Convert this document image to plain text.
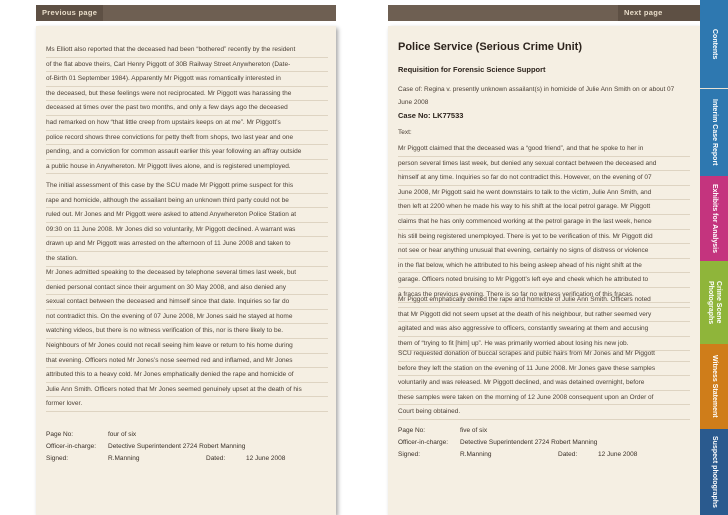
Previous page	Next page
Ms Elliott also reported that the deceased had been “bothered” recently by the resident
of the flat above theirs, Carl Henry Piggott of 30B Railway Street Anywhereton (Date-
of-Birth 01 September 1984). Apparently Mr Piggott was romantically interested in
the deceased, but these feelings were not reciprocated. Mr Piggott was harassing the
deceased at times over the past two months, and only a few days ago the deceased
had remarked on how “that little creep from upstairs keeps on at me”. Mr Piggott’s
police record shows three convictions for petty theft from shops, two last year and one
pending, and a conviction for common assault earlier this year following an affray outside
a public house in Anywhereton. Mr Piggott lives alone, and is registered unemployed.
The initial assessment of this case by the SCU made Mr Piggott prime suspect for this
rape and homicide, although the assailant being an unknown third party could not be
ruled out. Mr Jones and Mr Piggott were asked to attend Anywhereton Police Station at
09:30 on 11 June 2008. Mr Jones did so voluntarily, Mr Piggott declined. A warrant was
drawn up and Mr Piggott was arrested on the afternoon of 11 June 2008 and taken to
the station.
Mr Jones admitted speaking to the deceased by telephone several times last week, but
denied personal contact since their argument on 30 May 2008, and also denied any
sexual contact between the deceased and himself since that date. Inquiries so far do
not contradict this. On the evening of 07 June 2008, Mr Jones said he stayed at home
watching videos, but there is no witness verification of this, nor is there likely to be.
Neighbours of Mr Jones could not recall seeing him leave or return to his home during
that evening. Officers noted Mr Jones’s nose seemed red and inflamed, and Mr Jones
attributed this to a heavy cold. Mr Jones emphatically denied the rape and homicide of
Julie Ann Smith. Officers noted that Mr Jones seemed genuinely upset at the death of his
former lover.
Page No:	four of six
Officer-in-charge:	Detective Superintendent 2724 Robert Manning
Signed:	R.Manning	Dated:	12 June 2008
Police Service (Serious Crime Unit)
Requisition for Forensic Science Support
Case of: Regina v. presently unknown assailant(s) in homicide of Julie Ann Smith on or about 07 June 2008
Case No: LK77533
Text:
Mr Piggott claimed that the deceased was a “good friend”, and that he spoke to her in
person several times last week, but denied any sexual contact between the deceased and
himself at any time. Inquiries so far do not contradict this. However, on the evening of 07
June 2008, Mr Piggott said he went downstairs to talk to the victim, Julie Ann Smith, and
then left at 2200 when he made his way to his shift at the local petrol garage. Mr Piggott
claims that he has only commenced working at the petrol garage in the last week, hence
his still being registered unemployed. There is yet to be verification of this. Mr Piggott did
not see or hear anything unusual that evening, certainly no signs of distress or violence
in the flat below, which he attributed to his being asleep ahead of his night shift at the
garage. Officers noted bruising to Mr Piggott’s left eye and cheek which he attributed to
a fracas the previous evening. There is so far no witness verification of this fracas.
Mr Piggott emphatically denied the rape and homicide of Julie Ann Smith. Officers noted
that Mr Piggott did not seem upset at the death of his neighbour, but rather seemed very
agitated and was also aggressive to officers, constantly swearing at them and accusing
them of “trying to fit [him] up”. He was primarily worried about losing his new job.
SCU requested donation of buccal scrapes and pubic hairs from Mr Jones and Mr Piggott
before they left the station on the evening of 11 June 2008. Mr Jones gave these samples
voluntarily and was released. Mr Piggott declined, and was detained overnight, before
these samples were taken on the morning of 12 June 2008 consequent upon an Order of
Court being obtained.
Page No:	five of six
Officer-in-charge:	Detective Superintendent 2724 Robert Manning
Signed:	R.Manning	Dated:	12 June 2008
Contents
Interim Case Report
Exhibits for Analysis
Crime Scene Photographs
Witness Statement
Suspect photographs
